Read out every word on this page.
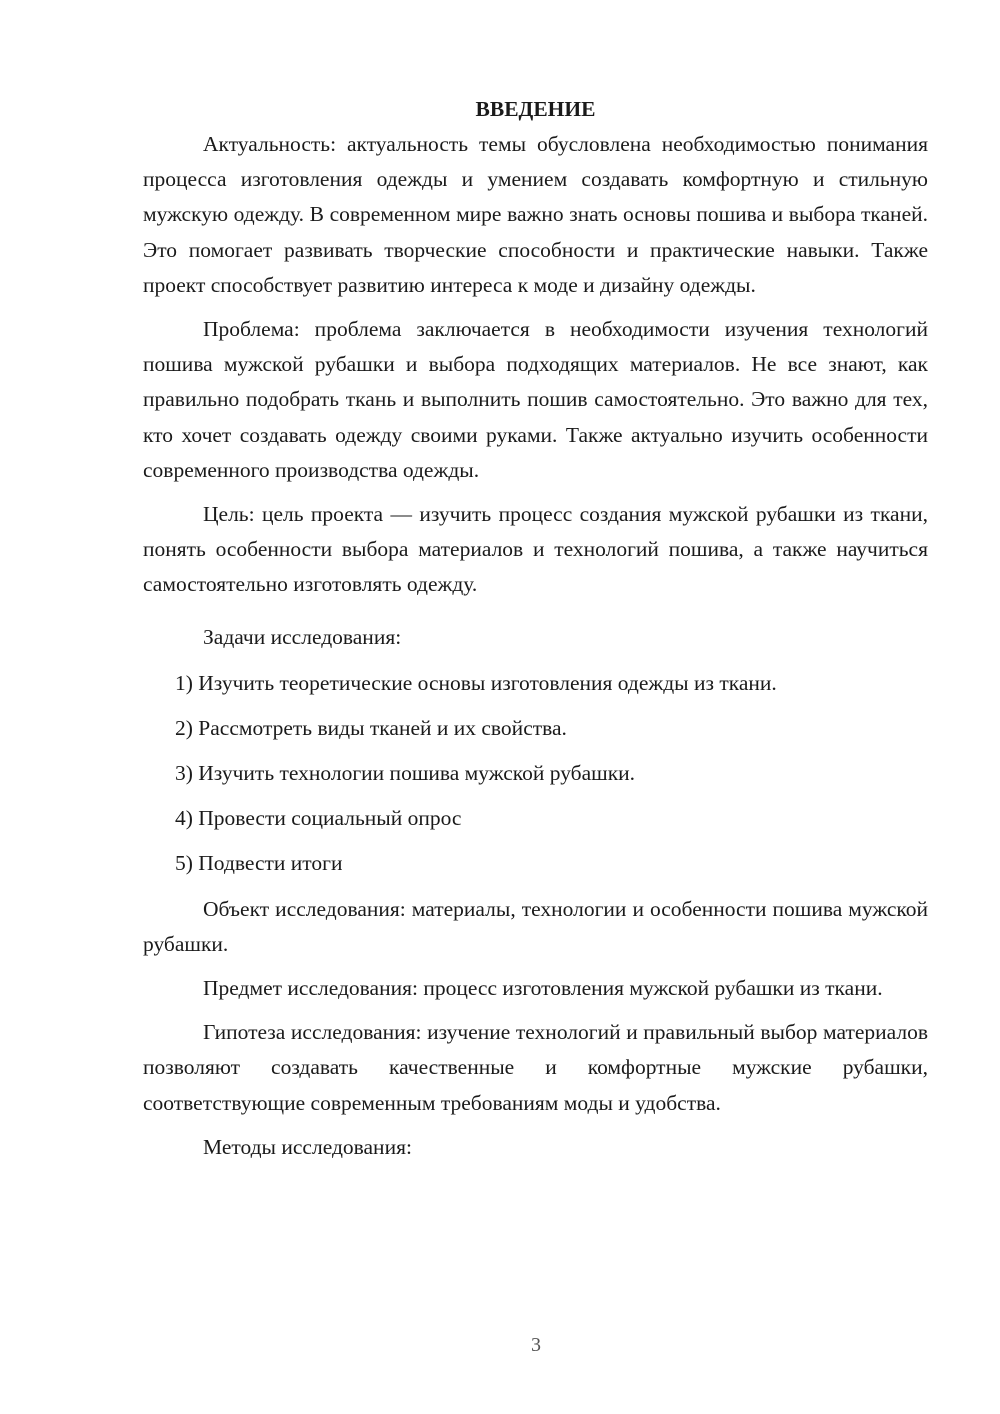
ВВЕДЕНИЕ

Актуальность: актуальность темы обусловлена необходимостью понимания процесса изготовления одежды и умением создавать комфортную и стильную мужскую одежду. В современном мире важно знать основы пошива и выбора тканей. Это помогает развивать творческие способности и практические навыки. Также проект способствует развитию интереса к моде и дизайну одежды.

Проблема: проблема заключается в необходимости изучения технологий пошива мужской рубашки и выбора подходящих материалов. Не все знают, как правильно подобрать ткань и выполнить пошив самостоятельно. Это важно для тех, кто хочет создавать одежду своими руками. Также актуально изучить особенности современного производства одежды.

Цель: цель проекта — изучить процесс создания мужской рубашки из ткани, понять особенности выбора материалов и технологий пошива, а также научиться самостоятельно изготовлять одежду.

Задачи исследования:

1) Изучить теоретические основы изготовления одежды из ткани.

2) Рассмотреть виды тканей и их свойства.

3) Изучить технологии пошива мужской рубашки.

4) Провести социальный опрос

5) Подвести итоги

Объект исследования: материалы, технологии и особенности пошива мужской рубашки.

Предмет исследования: процесс изготовления мужской рубашки из ткани.

Гипотеза исследования: изучение технологий и правильный выбор материалов позволяют создавать качественные и комфортные мужские рубашки, соответствующие современным требованиям моды и удобства.

Методы исследования:

3
